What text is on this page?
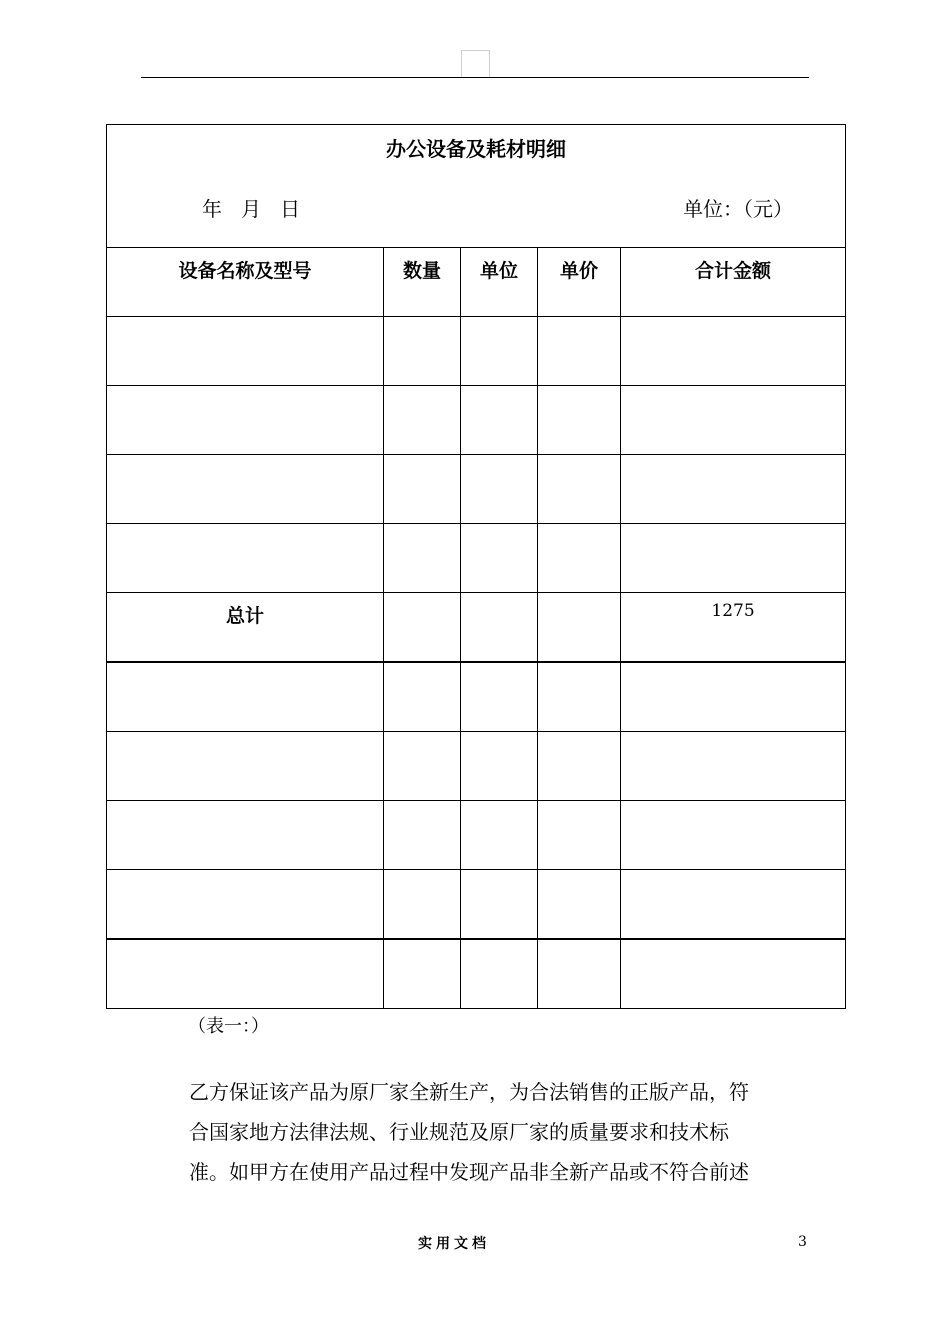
办公设备及耗材明细
年   月   日 单位：（元）				

设备名称及型号	数量	单位	单价	合计金额

总计				1275

（表一：）
乙方保证该产品为原厂家全新生产，为合法销售的正版产品，符
合国家地方法律法规、行业规范及原厂家的质量要求和技术标
准。如甲方在使用产品过程中发现产品非全新产品或不符合前述
实用文档	3
